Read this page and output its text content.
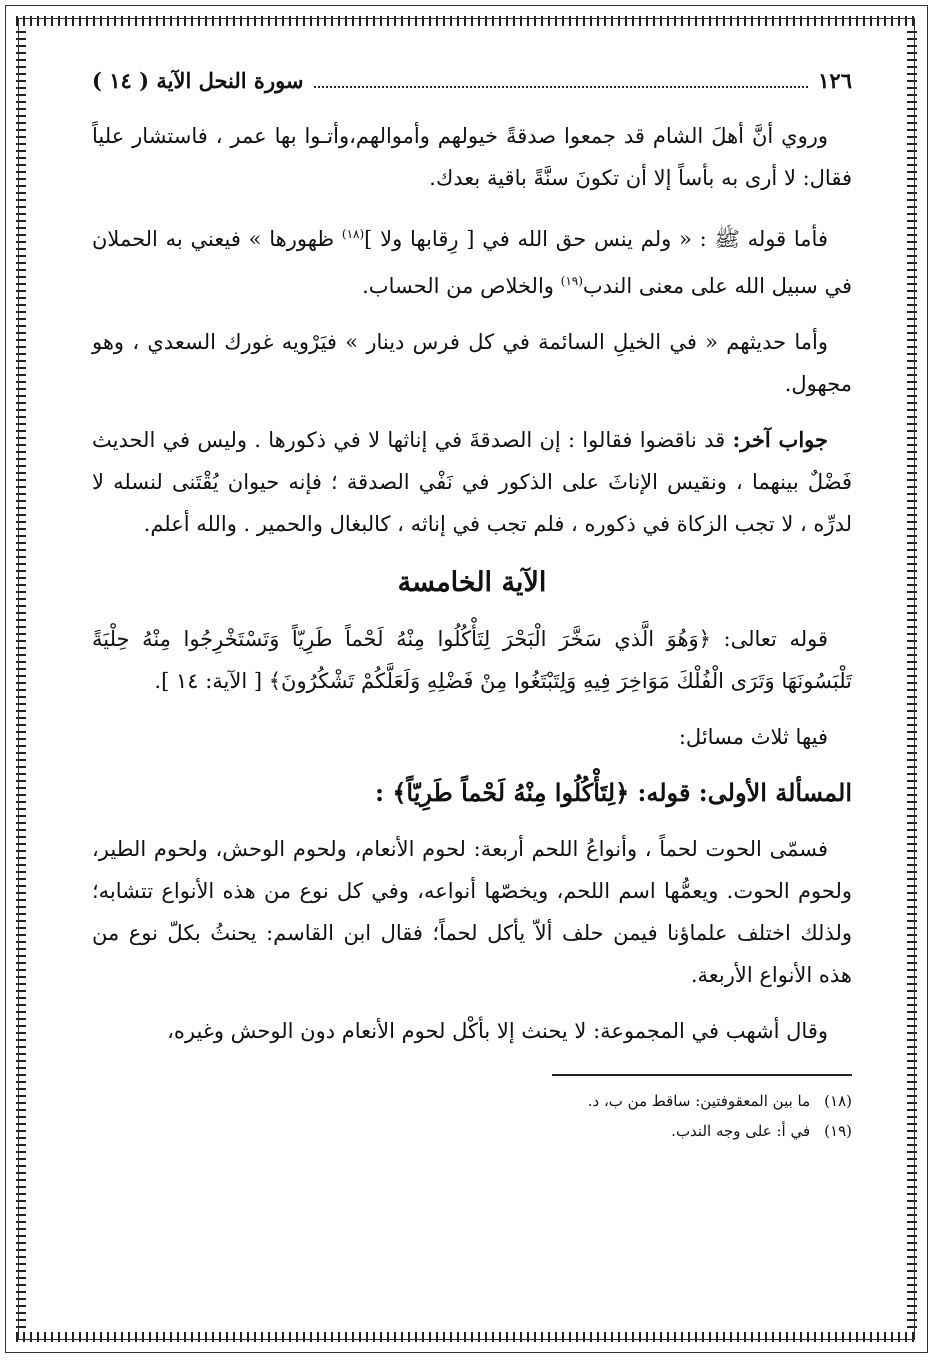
١٢٦
سورة النحل الآية ( ١٤ )

وروي أنَّ أهلَ الشام قد جمعوا صدقةً خيولهم وأموالهم،وأتـوا بها عمر ، فاستشار علياً فقال: لا أرى به بأساً إلا أن تكونَ سنَّةً باقية بعدك.

فأما قوله ﷺ : « ولم ينس حق الله في [ رِقابها ولا ]$^{(١٨)}$ ظهورها » فيعني به الحملان في سبيل الله على معنى الندب$^{(١٩)}$ والخلاص من الحساب.

وأما حديثهم « في الخيلِ السائمة في كل فرس دينار » فيَرْويه غورك السعدي ، وهو مجهول.

جواب آخر: قد ناقضوا فقالوا : إن الصدقةَ في إناثها لا في ذكورها . وليس في الحديث فَضْلٌ بينهما ، ونقيس الإناثَ على الذكور في نَفْي الصدقة ؛ فإنه حيوان يُقْتَنى لنسله لا لدرِّه ، لا تجب الزكاة في ذكوره ، فلم تجب في إناثه ، كالبغال والحمير . والله أعلم.

الآية الخامسة

قوله تعالى: ﴿وَهُوَ الَّذي سَخَّرَ الْبَحْرَ لِتَأْكُلُوا مِنْهُ لَحْماً طَرِيّاً وَتَسْتَخْرِجُوا مِنْهُ حِلْيَةً تَلْبَسُونَهَا وَتَرَى الْفُلْكَ مَوَاخِرَ فِيهِ وَلِتَبْتَغُوا مِنْ فَضْلِهِ وَلَعَلَّكُمْ تَشْكُرُونَ﴾ [ الآية: ١٤ ].

فيها ثلاث مسائل:

المسألة الأولى: قوله: ﴿لِتَأْكُلُوا مِنْهُ لَحْماً طَرِيّاً﴾ :

فسمّى الحوت لحماً ، وأنواعُ اللحم أربعة: لحوم الأنعام، ولحوم الوحش، ولحوم الطير، ولحوم الحوت. ويعمُّها اسم اللحم، ويخصّها أنواعه، وفي كل نوع من هذه الأنواع تتشابه؛ ولذلك اختلف علماؤنا فيمن حلف ألاّ يأكل لحماً؛ فقال ابن القاسم: يحنثُ بكلّ نوع من هذه الأنواع الأربعة.

وقال أشهب في المجموعة: لا يحنث إلا بأكْل لحوم الأنعام دون الوحش وغيره،

(١٨)
ما بين المعقوفتين: ساقط من ب، د.
(١٩)
في أ: على وجه الندب.
